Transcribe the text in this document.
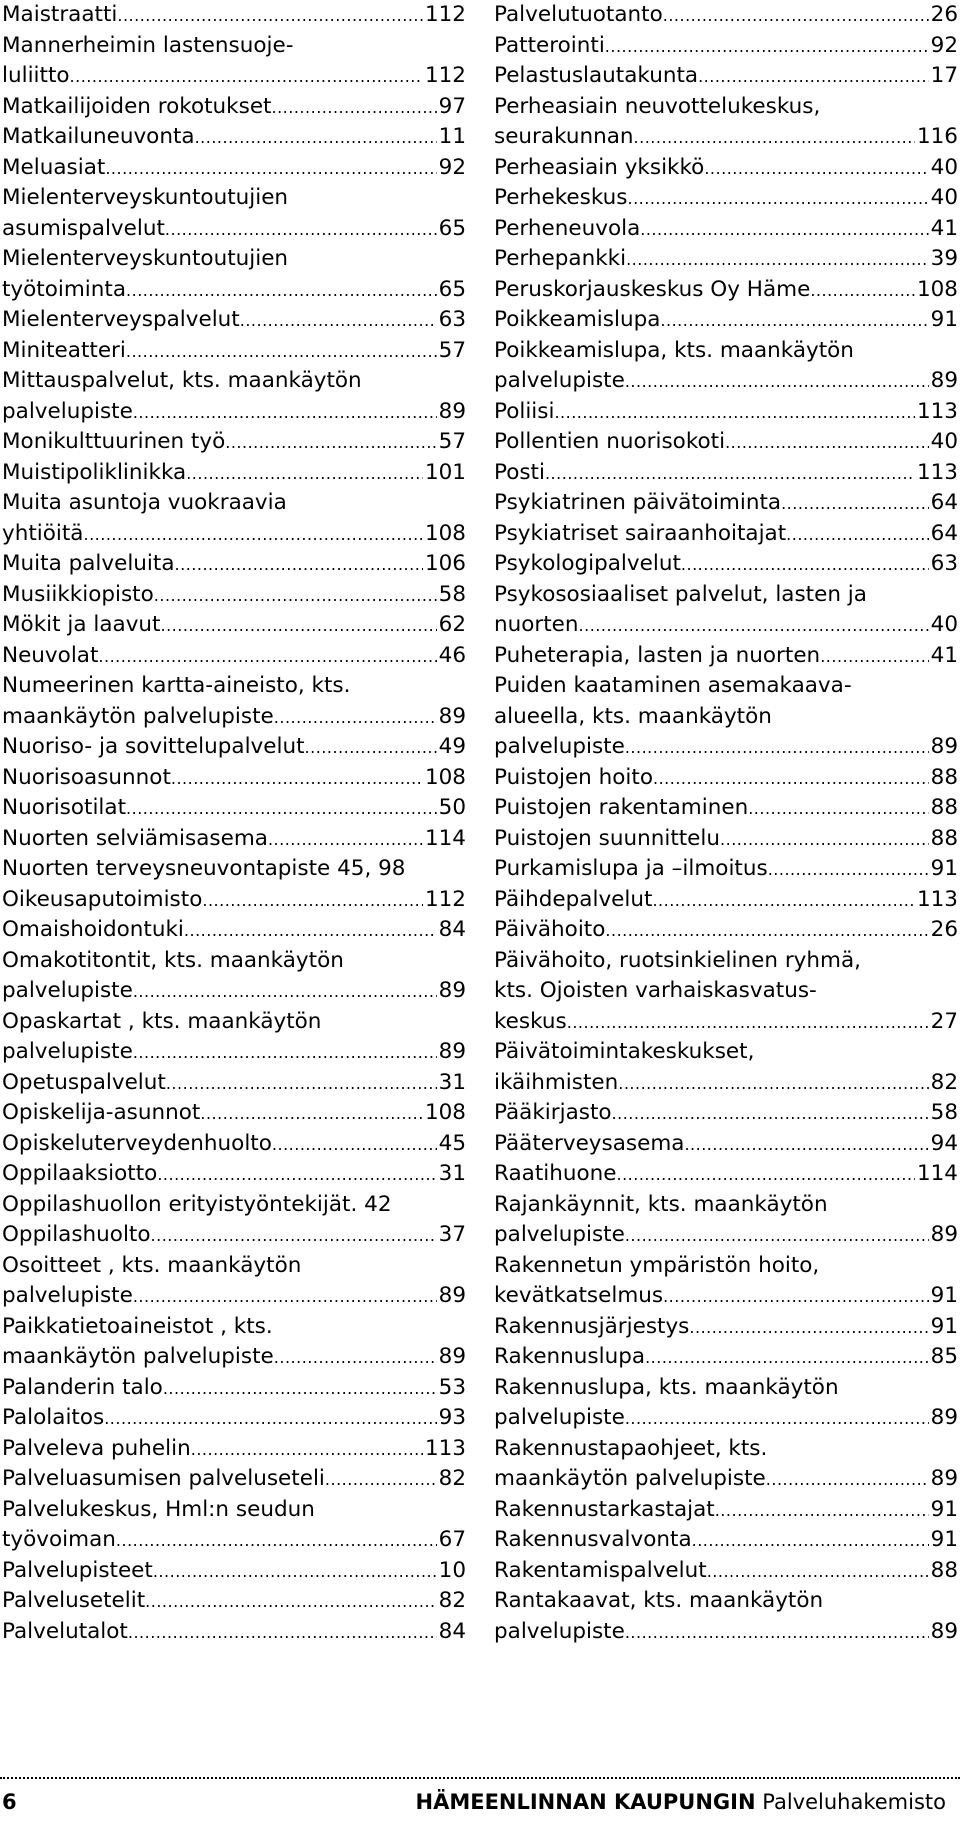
Maistraatti .....	112
Mannerheimin lastensuoje-
luliitto .....	112
Matkailijoiden rokotukset .....	97
Matkailuneuvonta .....	11
Meluasiat .....	92
Mielenterveyskuntoutujien
asumispalvelut .....	65
Mielenterveyskuntoutujien
työtoiminta .....	65
Mielenterveyspalvelut .....	63
Miniteatteri .....	57
Mittauspalvelut, kts. maankäytön
palvelupiste .....	89
Monikulttuurinen työ .....	57
Muistipoliklinikka .....	101
Muita asuntoja vuokraavia
yhtiöitä .....	108
Muita palveluita .....	106
Musiikkiopisto .....	58
Mökit ja laavut .....	62
Neuvolat .....	46
Numeerinen kartta-aineisto, kts.
maankäytön palvelupiste .....	89
Nuoriso- ja sovittelupalvelut .....	49
Nuorisoasunnot .....	108
Nuorisotilat .....	50
Nuorten selviämisasema .....	114
Nuorten terveysneuvontapiste 45, 98
Oikeusaputoimisto .....	112
Omaishoidontuki .....	84
Omakotitontit, kts. maankäytön
palvelupiste .....	89
Opaskartat , kts. maankäytön
palvelupiste .....	89
Opetuspalvelut .....	31
Opiskelija-asunnot .....	108
Opiskeluterveydenhuolto .....	45
Oppilaaksiotto .....	31
Oppilashuollon erityistyöntekijät. 42
Oppilashuolto .....	37
Osoitteet , kts. maankäytön
palvelupiste .....	89
Paikkatietoaineistot , kts.
maankäytön palvelupiste .....	89
Palanderin talo .....	53
Palolaitos .....	93
Palveleva puhelin .....	113
Palveluasumisen palveluseteli .....	82
Palvelukeskus, Hml:n seudun
työvoiman .....	67
Palvelupisteet .....	10
Palvelusetelit .....	82
Palvelutalot .....	84
Palvelutuotanto .....	26
Patterointi .....	92
Pelastuslautakunta .....	17
Perheasiain neuvottelukeskus,
seurakunnan .....	116
Perheasiain yksikkö .....	40
Perhekeskus .....	40
Perheneuvola .....	41
Perhepankki .....	39
Peruskorjauskeskus Oy Häme .....	108
Poikkeamislupa .....	91
Poikkeamislupa, kts. maankäytön
palvelupiste .....	89
Poliisi .....	113
Pollentien nuorisokoti .....	40
Posti .....	113
Psykiatrinen päivätoiminta .....	64
Psykiatriset sairaanhoitajat .....	64
Psykologipalvelut .....	63
Psykososiaaliset palvelut, lasten ja
nuorten .....	40
Puheterapia, lasten ja nuorten .....	41
Puiden kaataminen asemakaava-
alueella, kts. maankäytön
palvelupiste .....	89
Puistojen hoito .....	88
Puistojen rakentaminen .....	88
Puistojen suunnittelu .....	88
Purkamislupa ja –ilmoitus .....	91
Päihdepalvelut .....	113
Päivähoito .....	26
Päivähoito, ruotsinkielinen ryhmä,
kts. Ojoisten varhaiskasvatus-
keskus .....	27
Päivätoimintakeskukset,
ikäihmisten .....	82
Pääkirjasto .....	58
Pääterveysasema .....	94
Raatihuone .....	114
Rajankäynnit, kts. maankäytön
palvelupiste .....	89
Rakennetun ympäristön hoito,
kevätkatselmus .....	91
Rakennusjärjestys .....	91
Rakennuslupa .....	85
Rakennuslupa, kts. maankäytön
palvelupiste .....	89
Rakennustapaohjeet, kts.
maankäytön palvelupiste .....	89
Rakennustarkastajat .....	91
Rakennusvalvonta .....	91
Rakentamispalvelut .....	88
Rantakaavat, kts. maankäytön
palvelupiste .....	89
6	HÄMEENLINNAN KAUPUNGIN Palveluhakemisto
